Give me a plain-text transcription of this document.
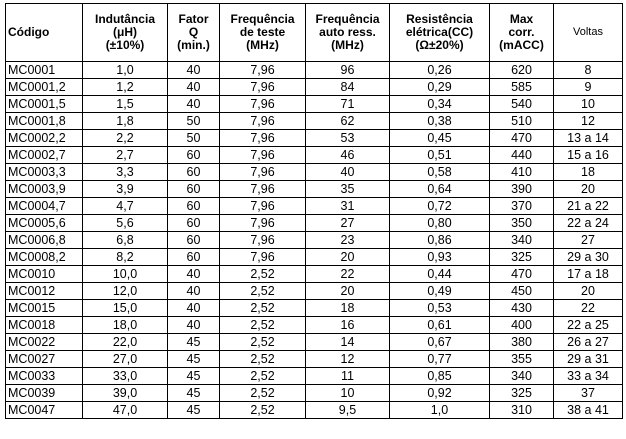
Código	Indutância
(μH)
(±10%)	Fator
Q
(min.)	Frequência
de teste
(MHz)	Frequência
auto ress.
(MHz)	Resistência
elétrica(CC)
(Ω±20%)	Max
corr.
(mACC)	Voltas
MC0001	1,0	40	7,96	96	0,26	620	8
MC0001,2	1,2	40	7,96	84	0,29	585	9
MC0001,5	1,5	40	7,96	71	0,34	540	10
MC0001,8	1,8	50	7,96	62	0,38	510	12
MC0002,2	2,2	50	7,96	53	0,45	470	13 a 14
MC0002,7	2,7	60	7,96	46	0,51	440	15 a 16
MC0003,3	3,3	60	7,96	40	0,58	410	18
MC0003,9	3,9	60	7,96	35	0,64	390	20
MC0004,7	4,7	60	7,96	31	0,72	370	21 a 22
MC0005,6	5,6	60	7,96	27	0,80	350	22 a 24
MC0006,8	6,8	60	7,96	23	0,86	340	27
MC0008,2	8,2	60	7,96	20	0,93	325	29 a 30
MC0010	10,0	40	2,52	22	0,44	470	17 a 18
MC0012	12,0	40	2,52	20	0,49	450	20
MC0015	15,0	40	2,52	18	0,53	430	22
MC0018	18,0	40	2,52	16	0,61	400	22 a 25
MC0022	22,0	45	2,52	14	0,67	380	26 a 27
MC0027	27,0	45	2,52	12	0,77	355	29 a 31
MC0033	33,0	45	2,52	11	0,85	340	33 a 34
MC0039	39,0	45	2,52	10	0,92	325	37
MC0047	47,0	45	2,52	9,5	1,0	310	38 a 41
